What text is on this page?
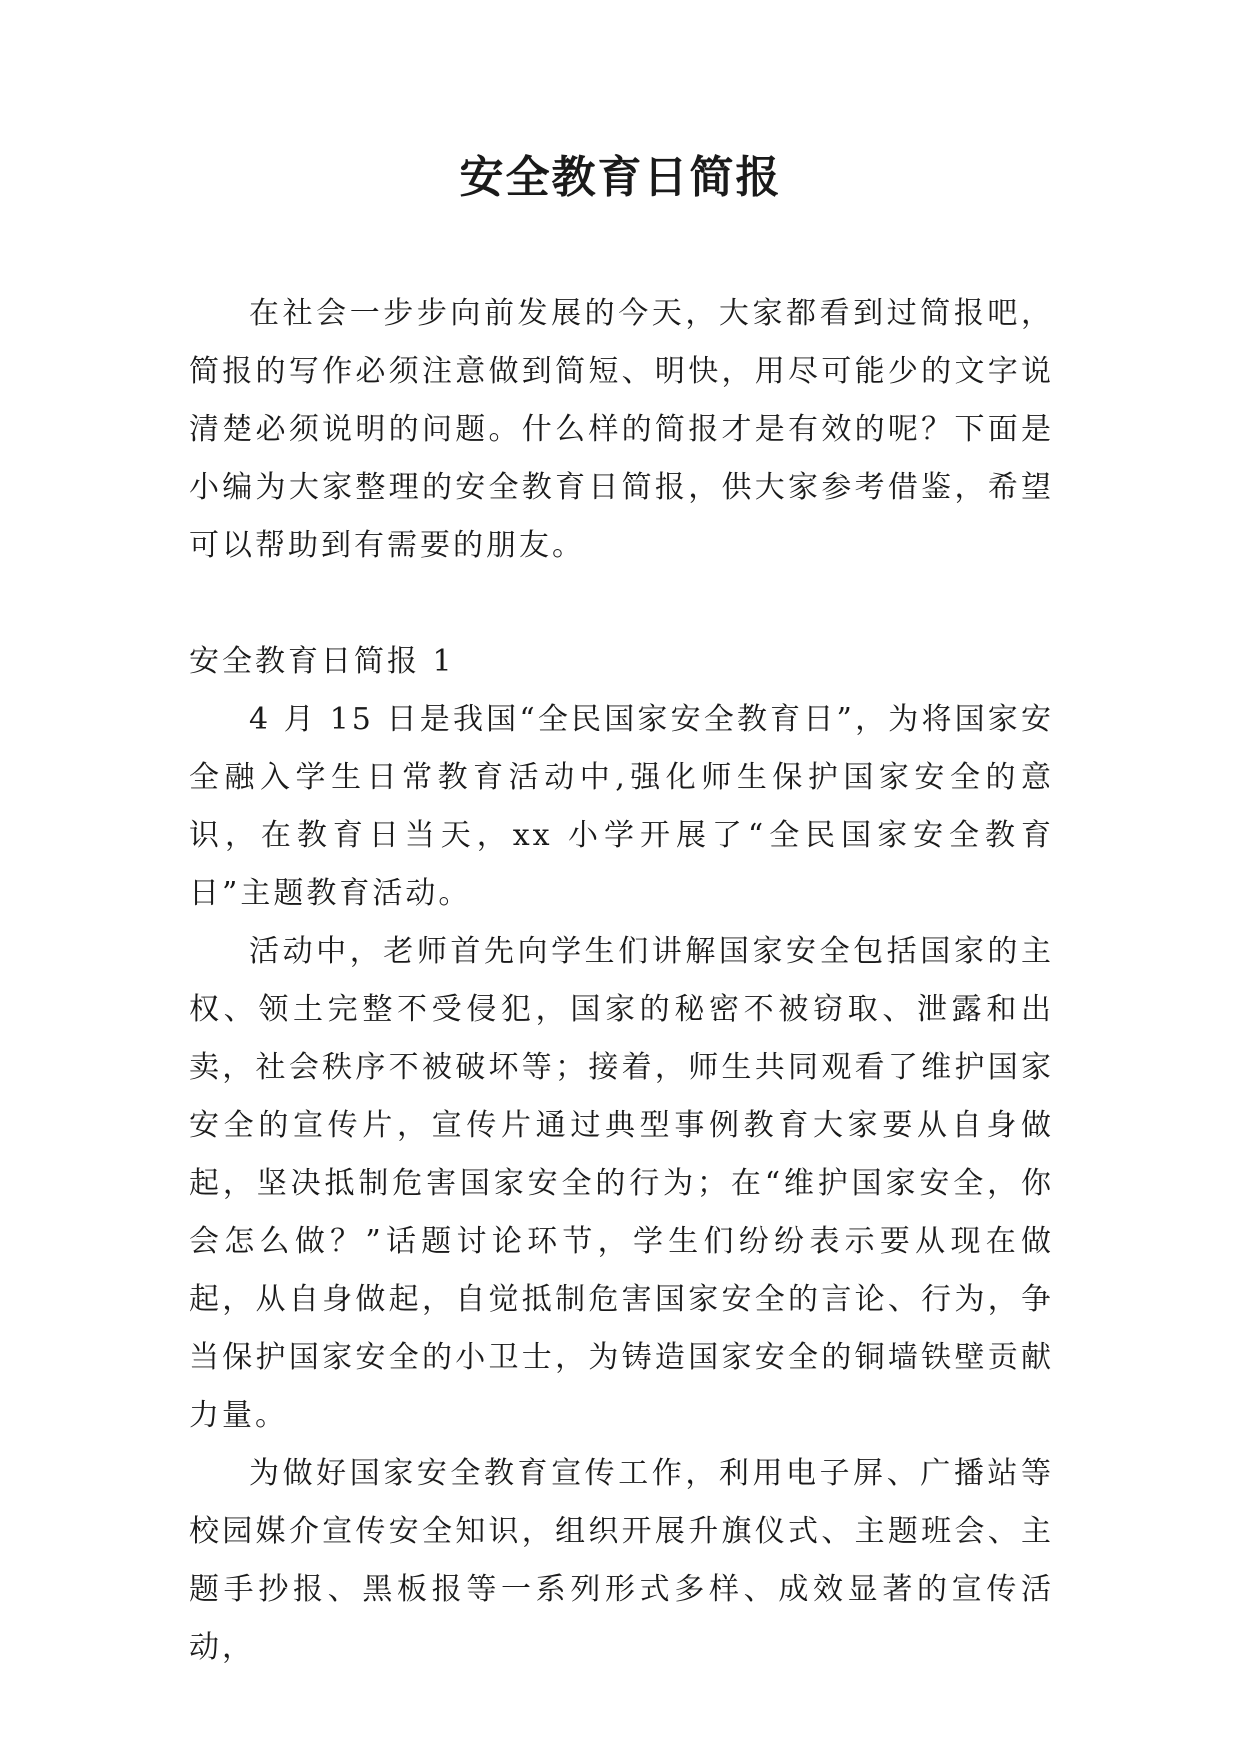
安全教育日简报

在社会一步步向前发展的今天，大家都看到过简报吧，简报的写作必须注意做到简短、明快，用尽可能少的文字说清楚必须说明的问题。什么样的简报才是有效的呢？下面是小编为大家整理的安全教育日简报，供大家参考借鉴，希望可以帮助到有需要的朋友。

安全教育日简报 1

4 月 15 日是我国“全民国家安全教育日”，为将国家安全融入学生日常教育活动中,强化师生保护国家安全的意识，在教育日当天，xx 小学开展了“全民国家安全教育日”主题教育活动。

活动中，老师首先向学生们讲解国家安全包括国家的主权、领土完整不受侵犯，国家的秘密不被窃取、泄露和出卖，社会秩序不被破坏等；接着，师生共同观看了维护国家安全的宣传片，宣传片通过典型事例教育大家要从自身做起，坚决抵制危害国家安全的行为；在“维护国家安全，你会怎么做？”话题讨论环节，学生们纷纷表示要从现在做起，从自身做起，自觉抵制危害国家安全的言论、行为，争当保护国家安全的小卫士，为铸造国家安全的铜墙铁壁贡献力量。

为做好国家安全教育宣传工作，利用电子屏、广播站等校园媒介宣传安全知识，组织开展升旗仪式、主题班会、主题手抄报、黑板报等一系列形式多样、成效显著的宣传活动，
